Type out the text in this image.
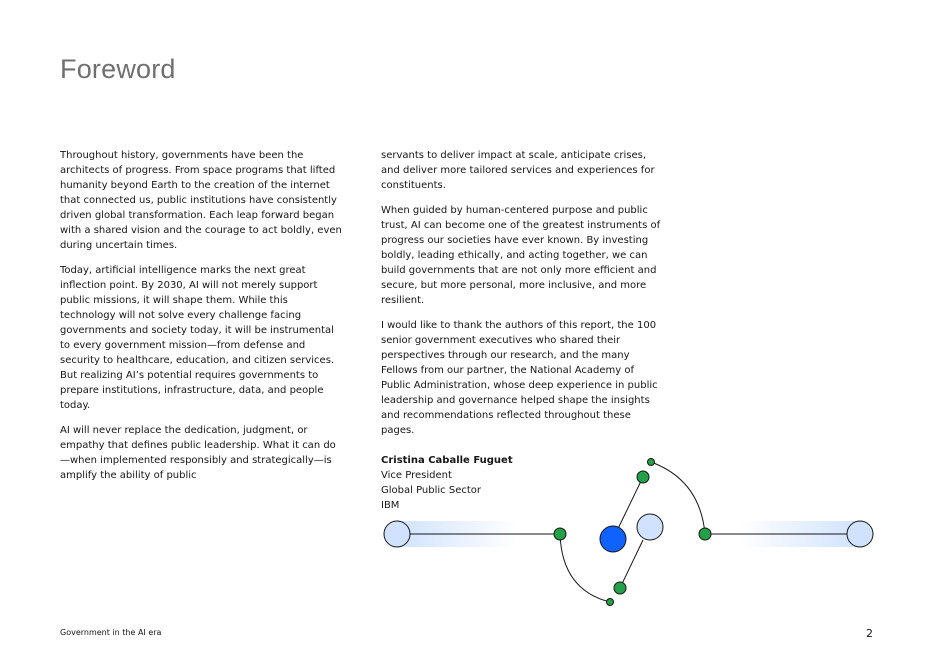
Foreword

Throughout history, governments have been the architects of progress. From space programs that lifted humanity beyond Earth to the creation of the internet that connected us, public institutions have consistently driven global transformation. Each leap forward began with a shared vision and the courage to act boldly, even during uncertain times.

Today, artificial intelligence marks the next great inflection point. By 2030, AI will not merely support public missions, it will shape them. While this technology will not solve every challenge facing governments and society today, it will be instrumental to every government mission—from defense and security to healthcare, education, and citizen services. But realizing AI’s potential requires governments to prepare institutions, infrastructure, data, and people today.

AI will never replace the dedication, judgment, or empathy that defines public leadership. What it can do—when implemented responsibly and strategically—is amplify the ability of public

servants to deliver impact at scale, anticipate crises, and deliver more tailored services and experiences for constituents.

When guided by human-centered purpose and public trust, AI can become one of the greatest instruments of progress our societies have ever known. By investing boldly, leading ethically, and acting together, we can build governments that are not only more efficient and secure, but more personal, more inclusive, and more resilient.

I would like to thank the authors of this report, the 100 senior government executives who shared their perspectives through our research, and the many Fellows from our partner, the National Academy of Public Administration, whose deep experience in public leadership and governance helped shape the insights and recommendations reflected throughout these pages.

Cristina Caballe Fuguet
Vice President
Global Public Sector
IBM
Government in the AI era	2
